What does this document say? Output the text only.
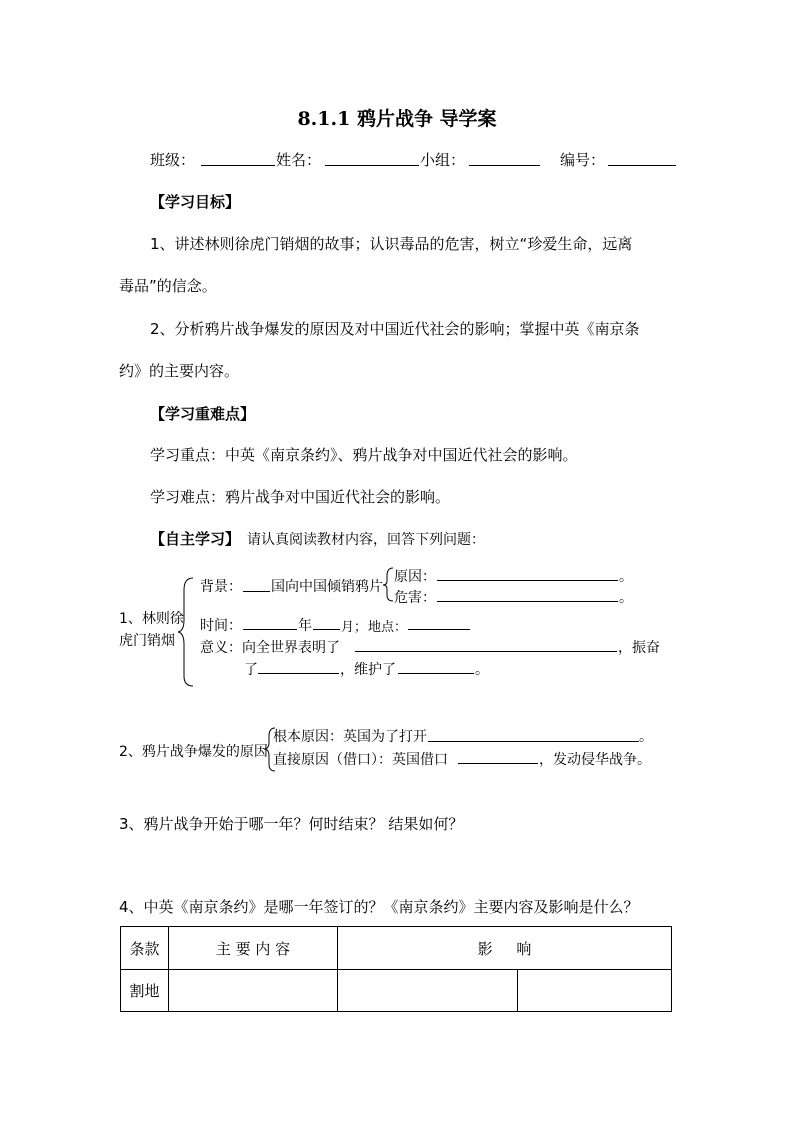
8.1.1 鸦片战争 导学案
班级：	姓名：	小组：	编号：
【学习目标】
1、讲述林则徐虎门销烟的故事；认识毒品的危害，树立“珍爱生命，远离
毒品”的信念。
2、分析鸦片战争爆发的原因及对中国近代社会的影响；掌握中英《南京条
约》的主要内容。
【学习重难点】
学习重点：中英《南京条约》、鸦片战争对中国近代社会的影响。
学习难点：鸦片战争对中国近代社会的影响。
【自主学习】 请认真阅读教材内容，回答下列问题：
1、林则徐
虎门销烟
背景： 国向中国倾销鸦片
原因：	。
危害：	。
时间：	年 月； 地点：
意义：向全世界表明了	，振奋
了	，维护了	。
2、鸦片战争爆发的原因
根本原因：英国为了打开	。
直接原因（借口）：英国借口	，发动侵华战争。
3、鸦片战争开始于哪一年？何时结束？ 结果如何？
4、中英《南京条约》是哪一年签订的？《南京条约》主要内容及影响是什么？
条款	主 要 内 容	影     响	
割地			
